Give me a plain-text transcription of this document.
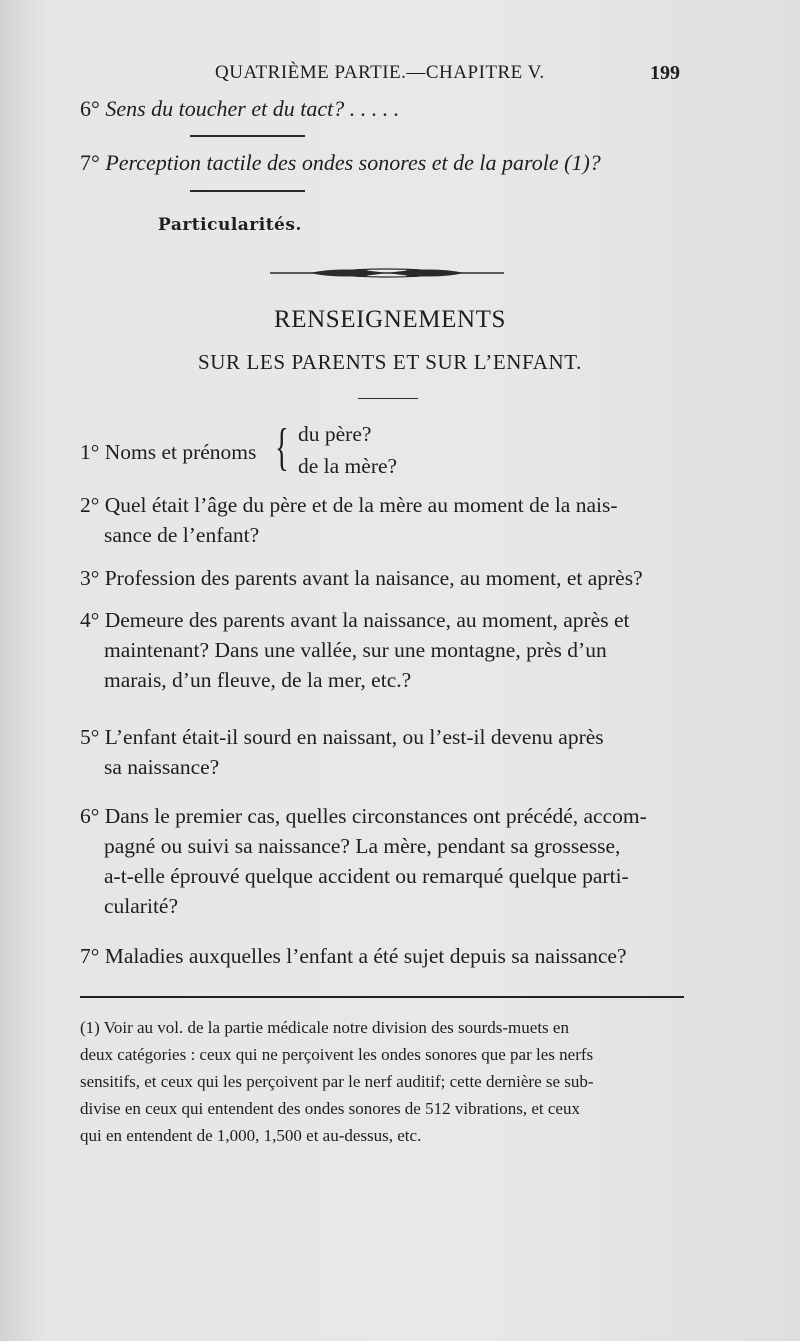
QUATRIÈME PARTIE.—CHAPITRE V.	199
6° Sens du toucher et du tact? . . . . .
7° Perception tactile des ondes sonores et de la parole (1)?
Particularités.
RENSEIGNEMENTS
SUR LES PARENTS ET SUR L’ENFANT.
1° Noms et prénoms
du père?
de la mère?
{
2° Quel était l’âge du père et de la mère au moment de la nais-
sance de l’enfant?
3° Profession des parents avant la naisance, au moment, et après?
4° Demeure des parents avant la naissance, au moment, après et
maintenant? Dans une vallée, sur une montagne, près d’un
marais, d’un fleuve, de la mer, etc.?
5° L’enfant était-il sourd en naissant, ou l’est-il devenu après
sa naissance?
6° Dans le premier cas, quelles circonstances ont précédé, accom-
pagné ou suivi sa naissance? La mère, pendant sa grossesse,
a-t-elle éprouvé quelque accident ou remarqué quelque parti-
cularité?
7° Maladies auxquelles l’enfant a été sujet depuis sa naissance?
(1) Voir au vol. de la partie médicale notre division des sourds-muets en
deux catégories : ceux qui ne perçoivent les ondes sonores que par les nerfs
sensitifs, et ceux qui les perçoivent par le nerf auditif; cette dernière se sub-
divise en ceux qui entendent des ondes sonores de 512 vibrations, et ceux
qui en entendent de 1,000, 1,500 et au-dessus, etc.
